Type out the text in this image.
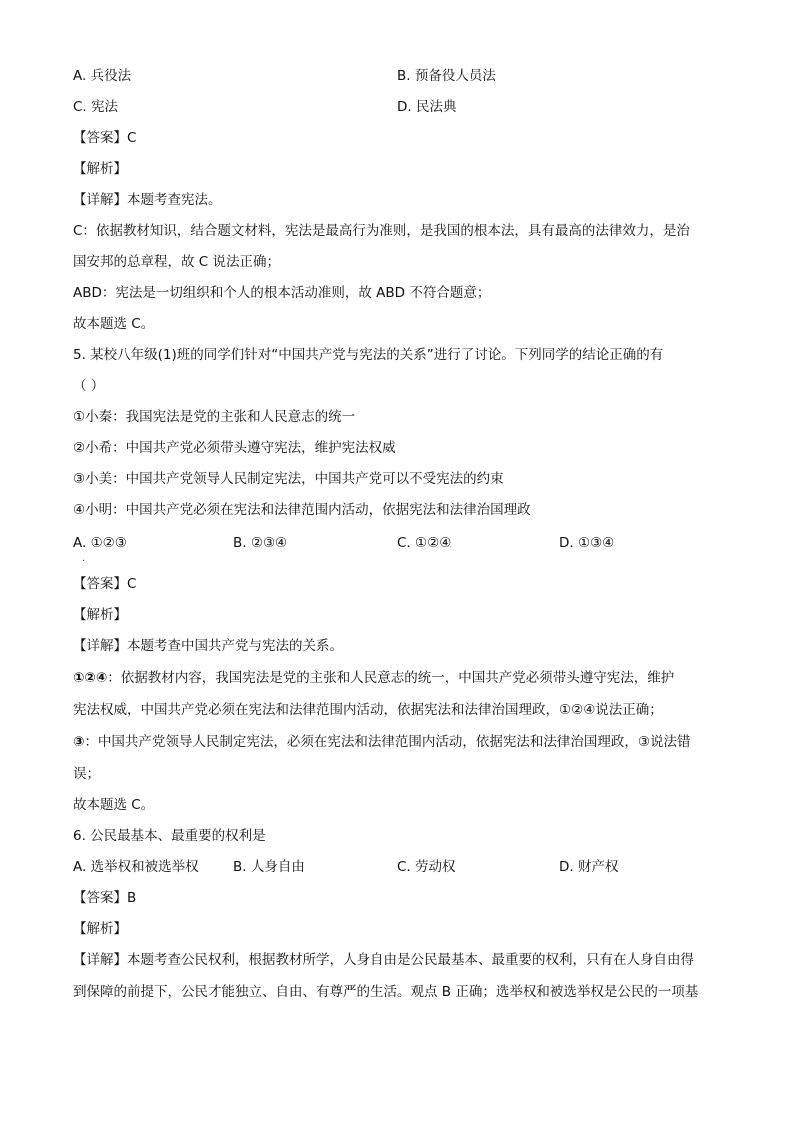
A. 兵役法	B. 预备役人员法
C. 宪法	D. 民法典
【答案】C
【解析】
【详解】本题考查宪法。
C：依据教材知识，结合题文材料，宪法是最高行为准则，是我国的根本法，具有最高的法律效力，是治
国安邦的总章程，故 C 说法正确；
ABD：宪法是一切组织和个人的根本活动准则，故 ABD 不符合题意；
故本题选 C。
5. 某校八年级(1)班的同学们针对“中国共产党与宪法的关系”进行了讨论。下列同学的结论正确的有
（ ）
①小秦：我国宪法是党的主张和人民意志的统一
②小希：中国共产党必须带头遵守宪法，维护宪法权威
③小美：中国共产党领导人民制定宪法，中国共产党可以不受宪法的约束
④小明：中国共产党必须在宪法和法律范围内活动，依据宪法和法律治国理政
A. ①②③	B. ②③④	C. ①②④	D. ①③④
·
【答案】C
【解析】
【详解】本题考查中国共产党与宪法的关系。
①②④：依据教材内容，我国宪法是党的主张和人民意志的统一，中国共产党必须带头遵守宪法，维护
宪法权威，中国共产党必须在宪法和法律范围内活动，依据宪法和法律治国理政，①②④说法正确；
③：中国共产党领导人民制定宪法，必须在宪法和法律范围内活动，依据宪法和法律治国理政，③说法错
误；
故本题选 C。
6. 公民最基本、最重要的权利是
A. 选举权和被选举权	B. 人身自由	C. 劳动权	D. 财产权
【答案】B
【解析】
【详解】本题考查公民权利，根据教材所学，人身自由是公民最基本、最重要的权利，只有在人身自由得
到保障的前提下，公民才能独立、自由、有尊严的生活。观点 B 正确；选举权和被选举权是公民的一项基
